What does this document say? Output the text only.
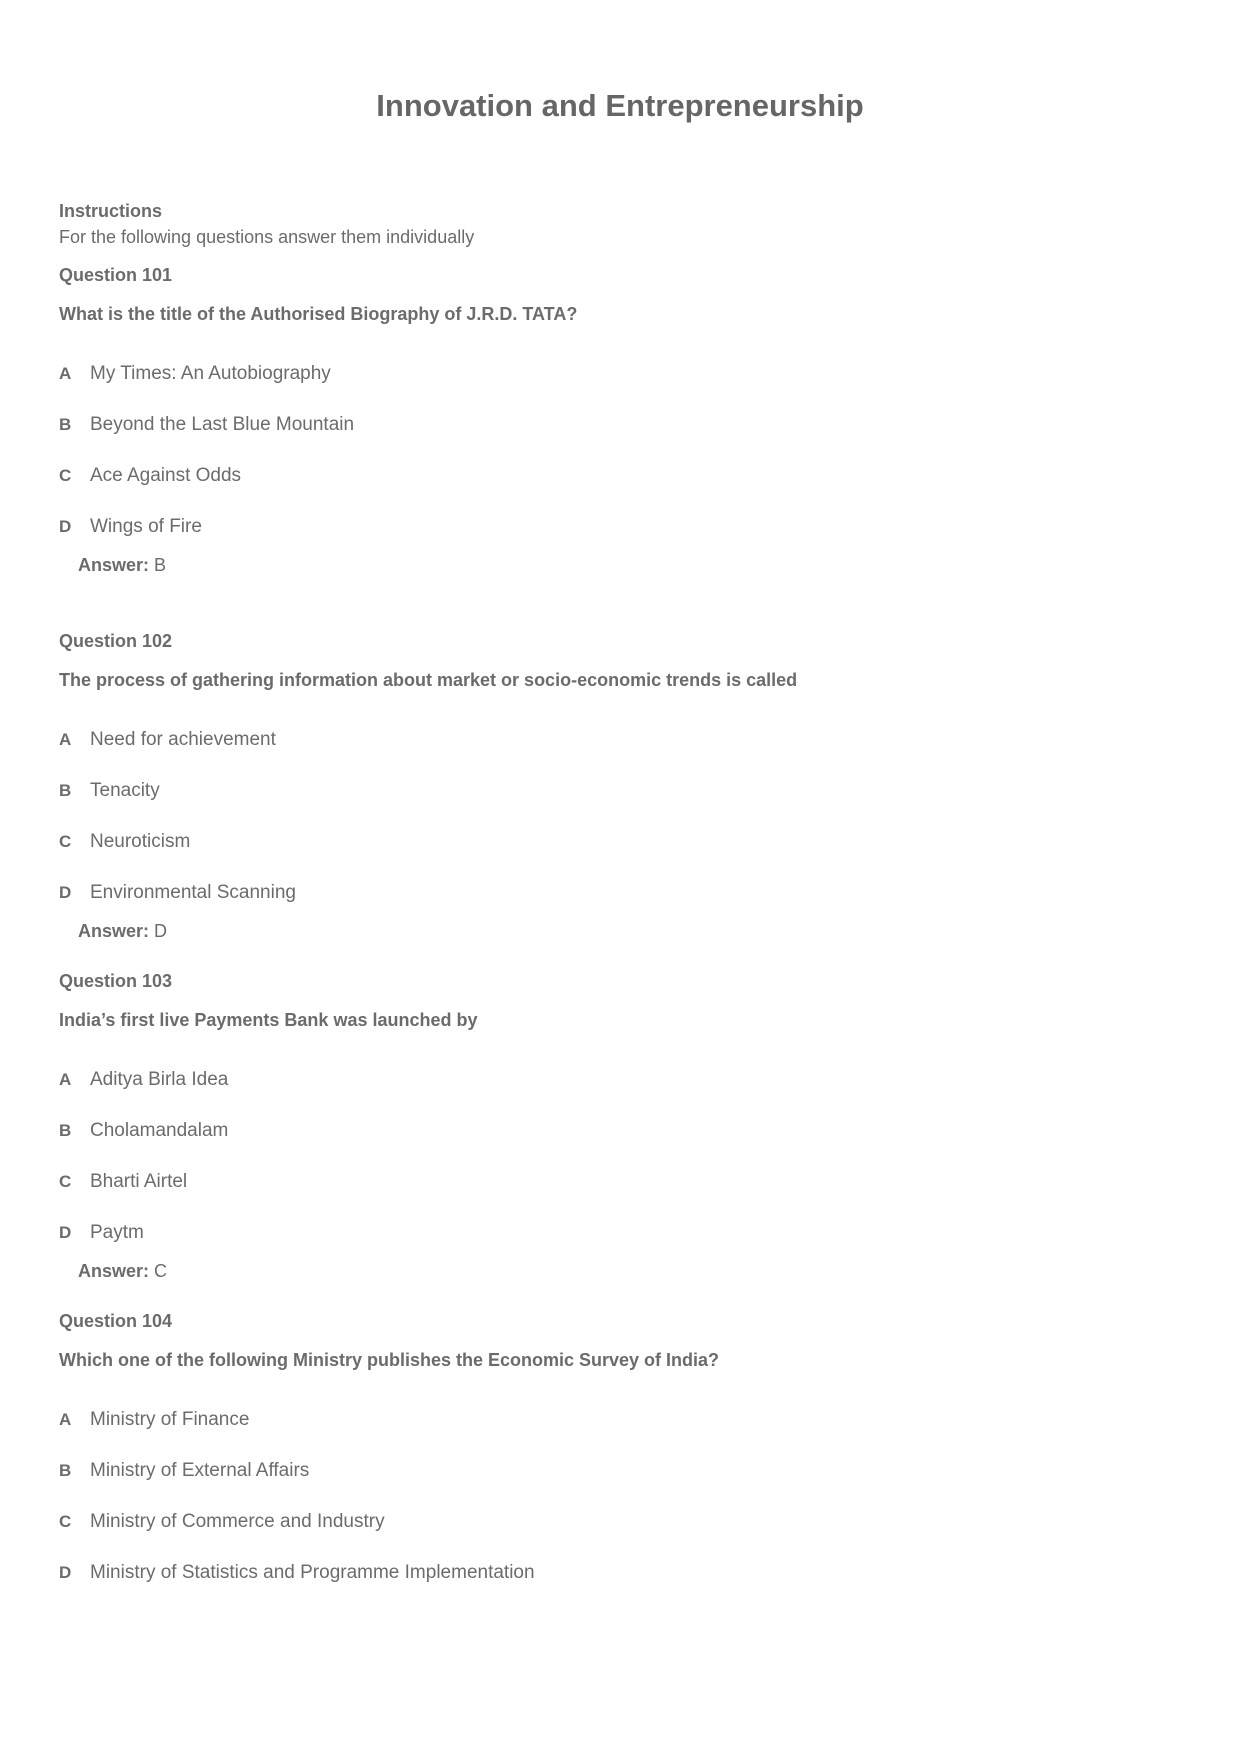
Innovation and Entrepreneurship
Instructions
For the following questions answer them individually
Question 101
What is the title of the Authorised Biography of J.R.D. TATA?
A My Times: An Autobiography
B Beyond the Last Blue Mountain
C Ace Against Odds
D Wings of Fire
Answer: B
Question 102
The process of gathering information about market or socio-economic trends is called
A Need for achievement
B Tenacity
C Neuroticism
D Environmental Scanning
Answer: D
Question 103
India’s first live Payments Bank was launched by
A Aditya Birla Idea
B Cholamandalam
C Bharti Airtel
D Paytm
Answer: C
Question 104
Which one of the following Ministry publishes the Economic Survey of India?
A Ministry of Finance
B Ministry of External Affairs
C Ministry of Commerce and Industry
D Ministry of Statistics and Programme Implementation
